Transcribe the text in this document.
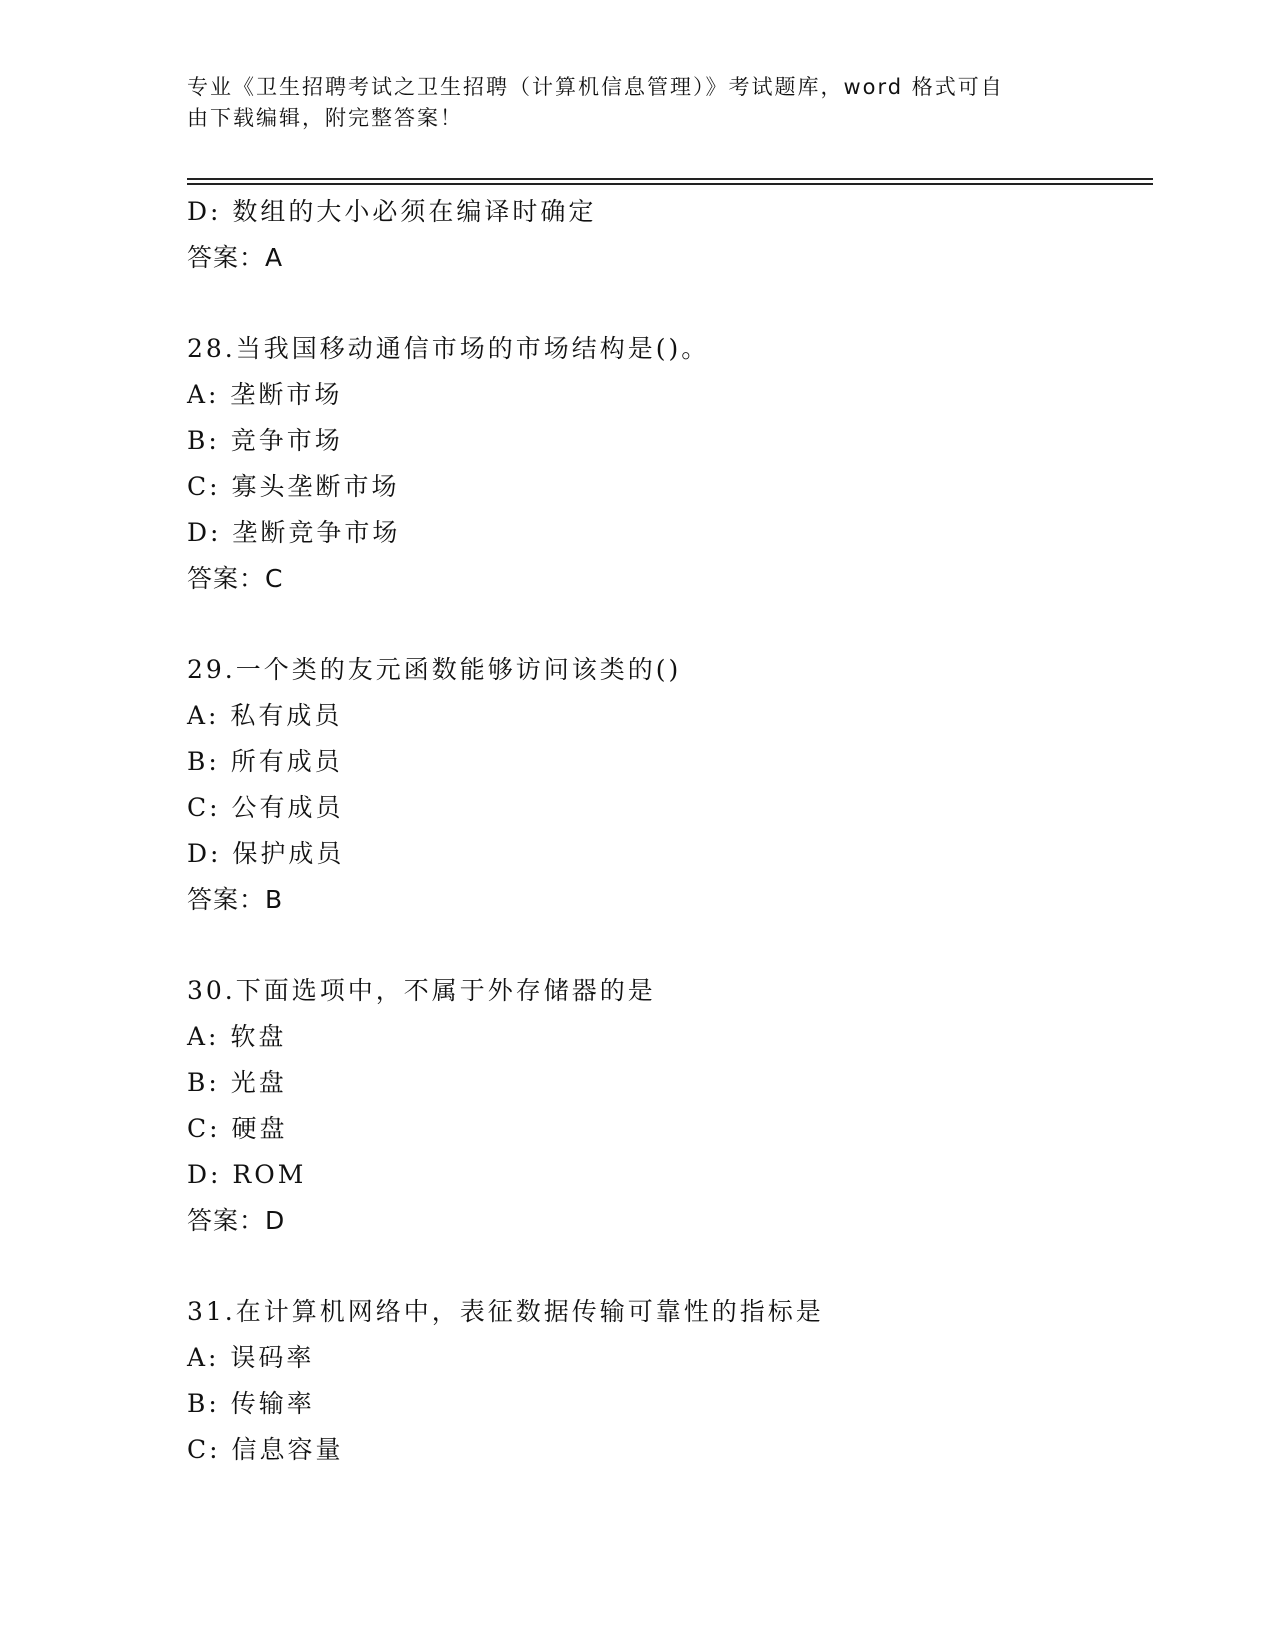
专业《卫生招聘考试之卫生招聘（计算机信息管理）》考试题库，word 格式可自
由下载编辑，附完整答案！
D: 数组的大小必须在编译时确定
答案：A
28.当我国移动通信市场的市场结构是()。
A: 垄断市场
B: 竞争市场
C: 寡头垄断市场
D: 垄断竞争市场
答案：C
29.一个类的友元函数能够访问该类的()
A: 私有成员
B: 所有成员
C: 公有成员
D: 保护成员
答案：B
30.下面选项中，不属于外存储器的是
A: 软盘
B: 光盘
C: 硬盘
D: ROM
答案：D
31.在计算机网络中，表征数据传输可靠性的指标是
A: 误码率
B: 传输率
C: 信息容量
